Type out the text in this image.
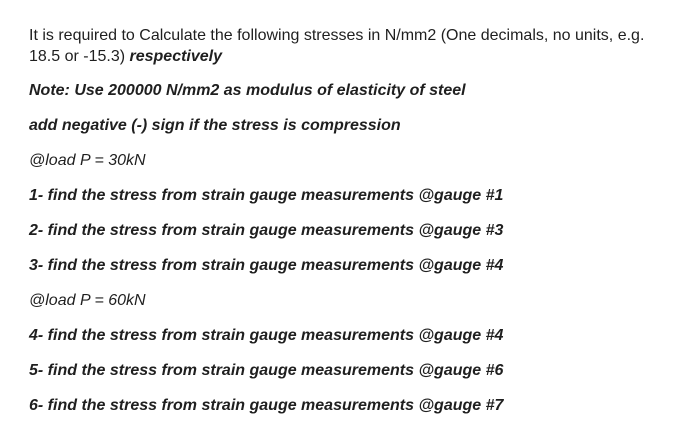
It is required to Calculate the following stresses in N/mm2 (One decimals, no units, e.g. 18.5 or -15.3) respectively

Note: Use 200000 N/mm2 as modulus of elasticity of steel

add negative (-) sign if the stress is compression

@load P = 30kN

1- find the stress from strain gauge measurements @gauge #1

2- find the stress from strain gauge measurements @gauge #3

3- find the stress from strain gauge measurements @gauge #4

@load P = 60kN

4- find the stress from strain gauge measurements @gauge #4

5- find the stress from strain gauge measurements @gauge #6

6- find the stress from strain gauge measurements @gauge #7
